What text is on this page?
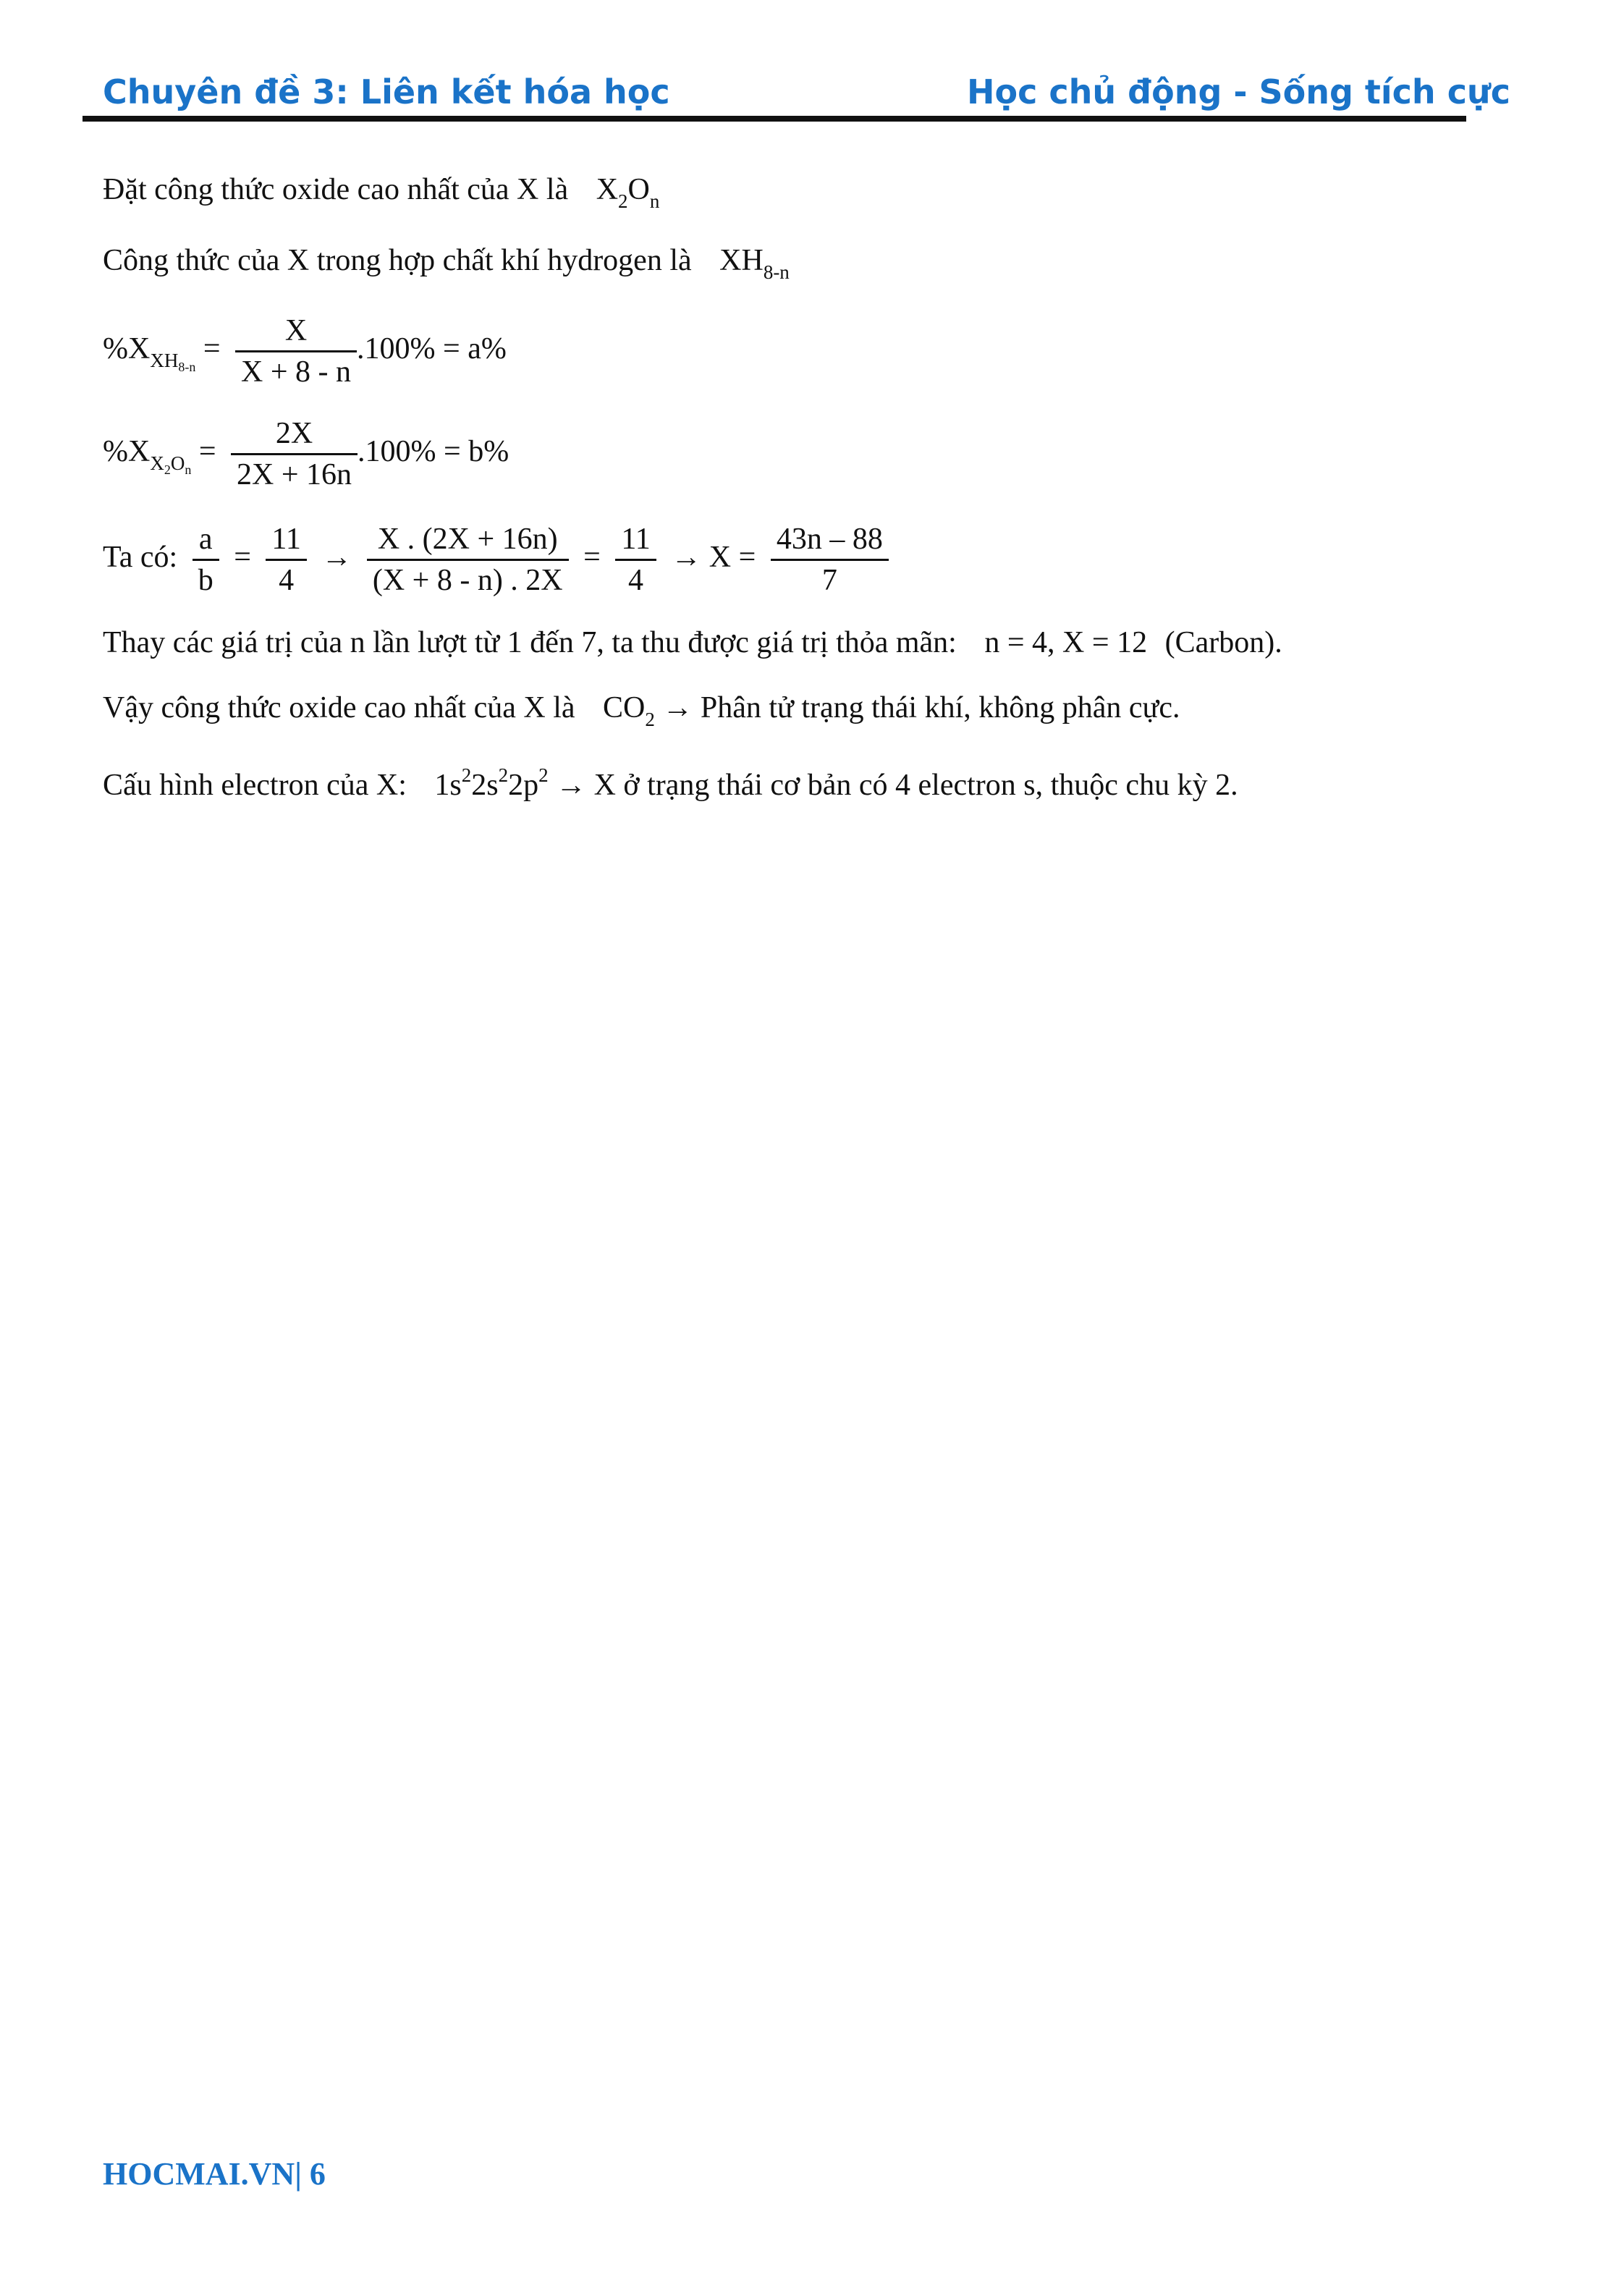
Chuyên đề 3: Liên kết hóa học	Học chủ động - Sống tích cực
Đặt công thức oxide cao nhất của X là $X_2O_n$
Công thức của X trong hợp chất khí hydrogen là $XH_{8-n}$
$\%X_{XH_{8-n}} = \frac{X}{X + 8 - n} .100\% = a\%$
$\%X_{X_2O_n} = \frac{2X}{2X + 16n} .100\% = b\%$
Ta có: $\frac{a}{b} = \frac{11}{4} \to \frac{X . (2X + 16n)}{(X + 8 - n) . 2X} = \frac{11}{4} \to X = \frac{43n - 88}{7}$
Thay các giá trị của n lần lượt từ 1 đến 7, ta thu được giá trị thỏa mãn: n = 4, X = 12 (Carbon).
Vậy công thức oxide cao nhất của X là $CO_2$ → Phân tử trạng thái khí, không phân cực.
Cấu hình electron của X: $1s^22s^22p^2 \to X$ ở trạng thái cơ bản có 4 electron s, thuộc chu kỳ 2.
HOCMAI.VN| 6
